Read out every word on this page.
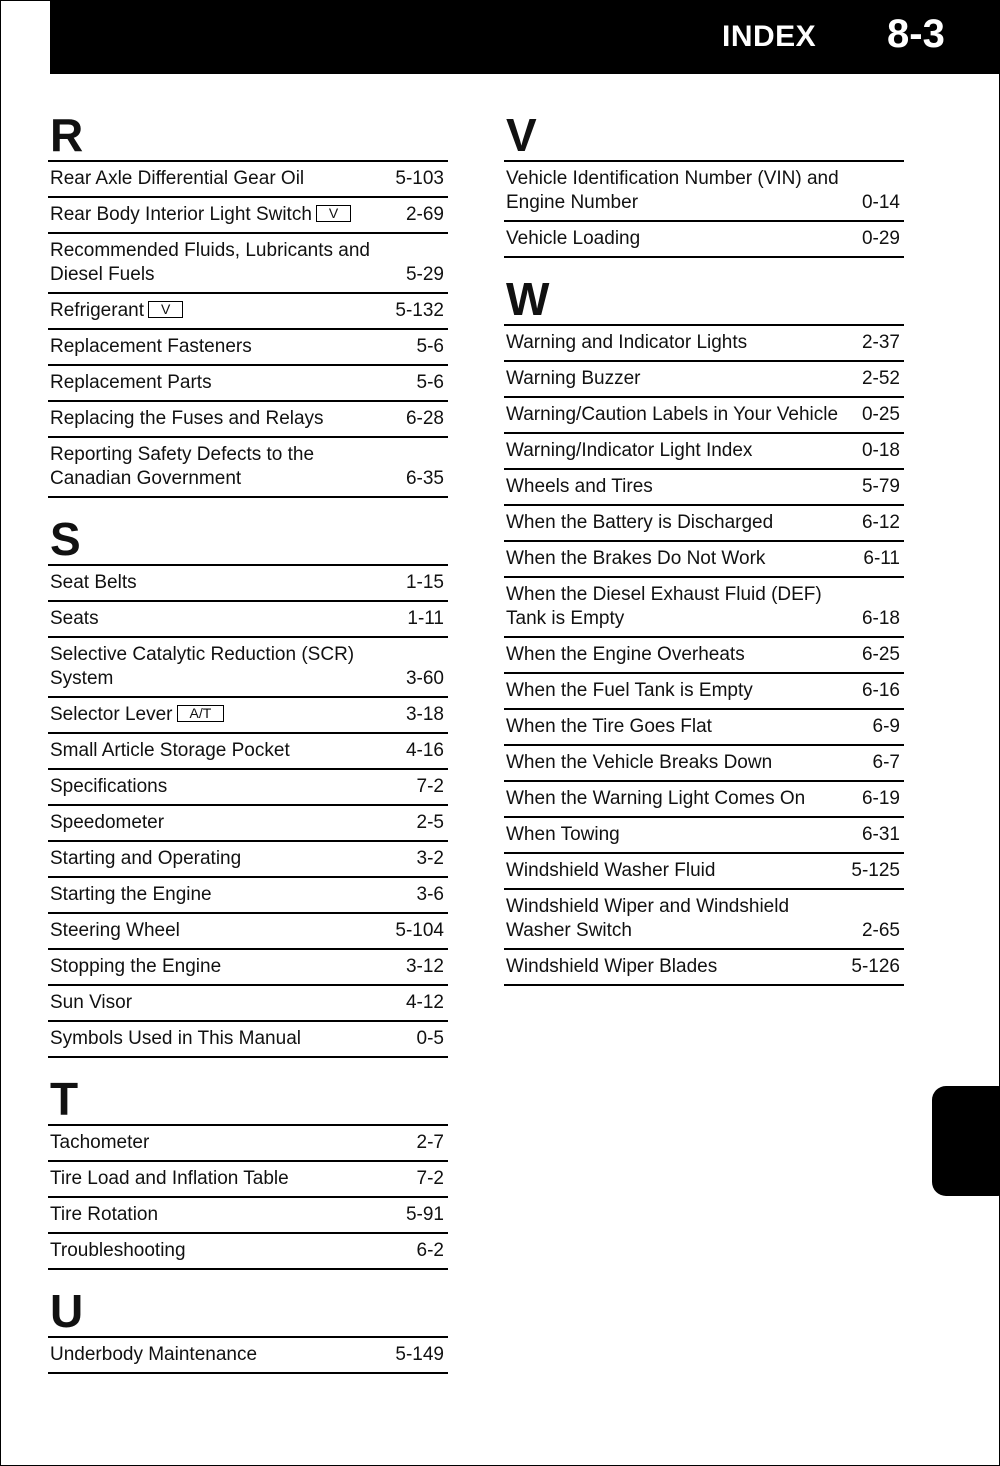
INDEX 8-3
R
Rear Axle Differential Gear Oil	5-103
Rear Body Interior Light Switch V	2-69
Recommended Fluids, Lubricants and Diesel Fuels	5-29
Refrigerant V	5-132
Replacement Fasteners	5-6
Replacement Parts	5-6
Replacing the Fuses and Relays	6-28
Reporting Safety Defects to the Canadian Government	6-35
S
Seat Belts	1-15
Seats	1-11
Selective Catalytic Reduction (SCR) System	3-60
Selector Lever A/T	3-18
Small Article Storage Pocket	4-16
Specifications	7-2
Speedometer	2-5
Starting and Operating	3-2
Starting the Engine	3-6
Steering Wheel	5-104
Stopping the Engine	3-12
Sun Visor	4-12
Symbols Used in This Manual	0-5
T
Tachometer	2-7
Tire Load and Inflation Table	7-2
Tire Rotation	5-91
Troubleshooting	6-2
U
Underbody Maintenance	5-149
V
Vehicle Identification Number (VIN) and Engine Number	0-14
Vehicle Loading	0-29
W
Warning and Indicator Lights	2-37
Warning Buzzer	2-52
Warning/Caution Labels in Your Vehicle	0-25
Warning/Indicator Light Index	0-18
Wheels and Tires	5-79
When the Battery is Discharged	6-12
When the Brakes Do Not Work	6-11
When the Diesel Exhaust Fluid (DEF) Tank is Empty	6-18
When the Engine Overheats	6-25
When the Fuel Tank is Empty	6-16
When the Tire Goes Flat	6-9
When the Vehicle Breaks Down	6-7
When the Warning Light Comes On	6-19
When Towing	6-31
Windshield Washer Fluid	5-125
Windshield Wiper and Windshield Washer Switch	2-65
Windshield Wiper Blades	5-126
